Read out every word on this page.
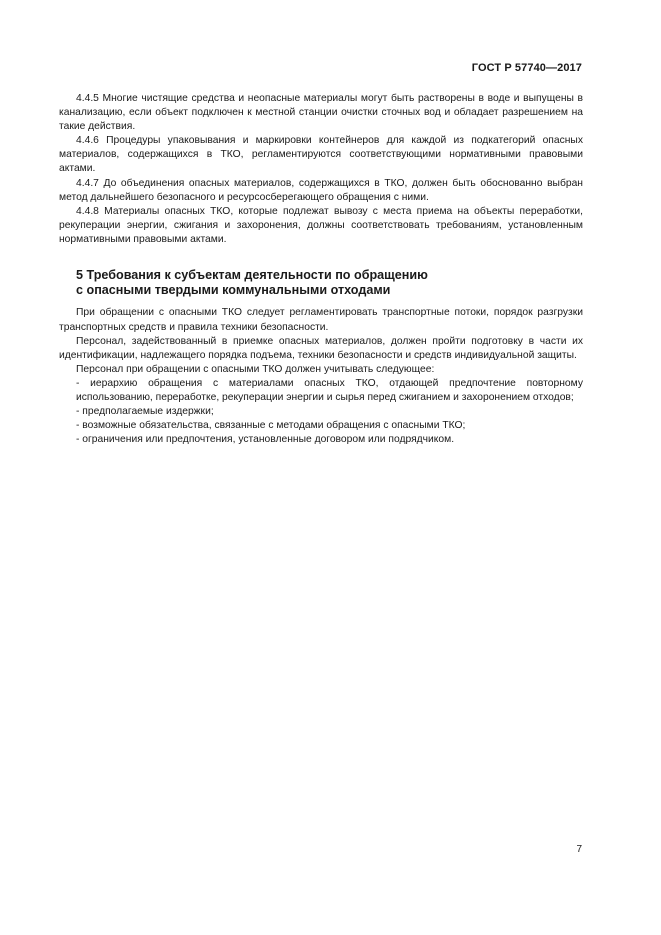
ГОСТ Р 57740—2017

4.4.5 Многие чистящие средства и неопасные материалы могут быть растворены в воде и выпущены в канализацию, если объект подключен к местной станции очистки сточных вод и обладает разрешением на такие действия.

4.4.6 Процедуры упаковывания и маркировки контейнеров для каждой из подкатегорий опасных материалов, содержащихся в ТКО, регламентируются соответствующими нормативными правовыми актами.

4.4.7 До объединения опасных материалов, содержащихся в ТКО, должен быть обоснованно выбран метод дальнейшего безопасного и ресурсосберегающего обращения с ними.

4.4.8 Материалы опасных ТКО, которые подлежат вывозу с места приема на объекты переработки, рекуперации энергии, сжигания и захоронения, должны соответствовать требованиям, установленным нормативными правовыми актами.

5 Требования к субъектам деятельности по обращению
с опасными твердыми коммунальными отходами

При обращении с опасными ТКО следует регламентировать транспортные потоки, порядок разгрузки транспортных средств и правила техники безопасности.

Персонал, задействованный в приемке опасных материалов, должен пройти подготовку в части их идентификации, надлежащего порядка подъема, техники безопасности и средств индивидуальной защиты.

Персонал при обращении с опасными ТКО должен учитывать следующее:

- иерархию обращения с материалами опасных ТКО, отдающей предпочтение повторному использованию, переработке, рекуперации энергии и сырья перед сжиганием и захоронением отходов;

- предполагаемые издержки;

- возможные обязательства, связанные с методами обращения с опасными ТКО;

- ограничения или предпочтения, установленные договором или подрядчиком.

7
